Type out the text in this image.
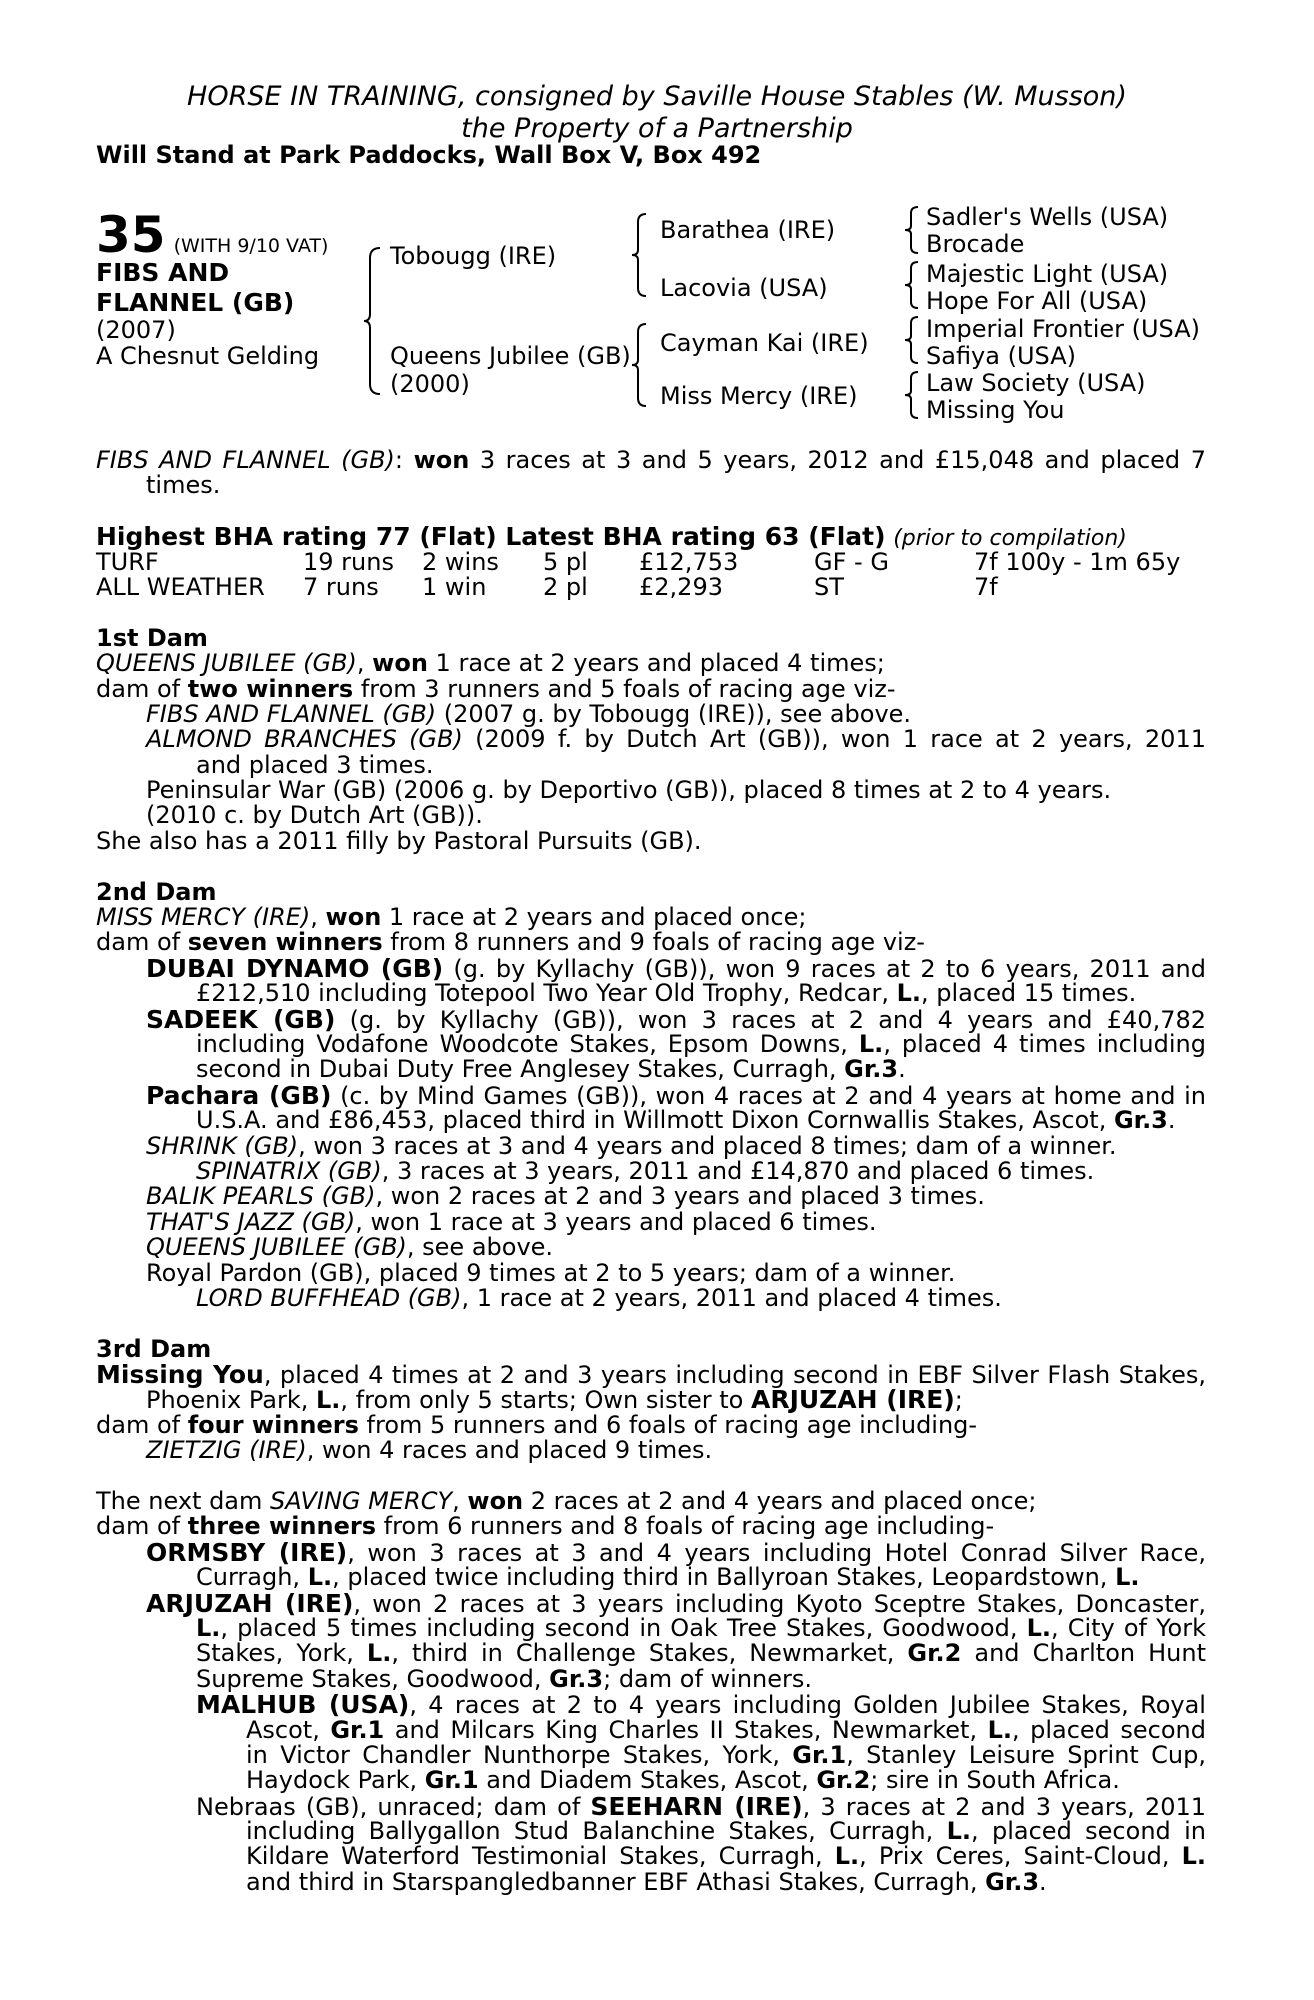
HORSE IN TRAINING, consigned by Saville House Stables (W. Musson)
the Property of a Partnership
Will Stand at Park Paddocks, Wall Box V, Box 492
35 (WITH 9/10 VAT)
FIBS AND
FLANNEL (GB)
(2007)
A Chesnut Gelding
Tobougg (IRE)
Queens Jubilee (GB)
(2000)
Barathea (IRE)
Lacovia (USA)
Cayman Kai (IRE)
Miss Mercy (IRE)
Sadler's Wells (USA)
Brocade
Majestic Light (USA)
Hope For All (USA)
Imperial Frontier (USA)
Safiya (USA)
Law Society (USA)
Missing You
FIBS AND FLANNEL (GB): won 3 races at 3 and 5 years, 2012 and £15,048 and placed 7
times.
Highest BHA rating 77 (Flat) Latest BHA rating 63 (Flat) (prior to compilation)
TURF	19 runs 2 wins 5 pl £12,753	GF - G	7f 100y - 1m 65y
ALL WEATHER 7 runs 1 win 2 pl £2,293	ST	7f
1st Dam
QUEENS JUBILEE (GB), won 1 race at 2 years and placed 4 times;
dam of two winners from 3 runners and 5 foals of racing age viz-
FIBS AND FLANNEL (GB) (2007 g. by Tobougg (IRE)), see above.
ALMOND BRANCHES (GB) (2009 f. by Dutch Art (GB)), won 1 race at 2 years, 2011
and placed 3 times.
Peninsular War (GB) (2006 g. by Deportivo (GB)), placed 8 times at 2 to 4 years.
(2010 c. by Dutch Art (GB)).
She also has a 2011 filly by Pastoral Pursuits (GB).
2nd Dam
MISS MERCY (IRE), won 1 race at 2 years and placed once;
dam of seven winners from 8 runners and 9 foals of racing age viz-
DUBAI DYNAMO (GB) (g. by Kyllachy (GB)), won 9 races at 2 to 6 years, 2011 and
£212,510 including Totepool Two Year Old Trophy, Redcar, L., placed 15 times.
SADEEK (GB) (g. by Kyllachy (GB)), won 3 races at 2 and 4 years and £40,782
including Vodafone Woodcote Stakes, Epsom Downs, L., placed 4 times including
second in Dubai Duty Free Anglesey Stakes, Curragh, Gr.3.
Pachara (GB) (c. by Mind Games (GB)), won 4 races at 2 and 4 years at home and in
U.S.A. and £86,453, placed third in Willmott Dixon Cornwallis Stakes, Ascot, Gr.3.
SHRINK (GB), won 3 races at 3 and 4 years and placed 8 times; dam of a winner.
SPINATRIX (GB), 3 races at 3 years, 2011 and £14,870 and placed 6 times.
BALIK PEARLS (GB), won 2 races at 2 and 3 years and placed 3 times.
THAT'S JAZZ (GB), won 1 race at 3 years and placed 6 times.
QUEENS JUBILEE (GB), see above.
Royal Pardon (GB), placed 9 times at 2 to 5 years; dam of a winner.
LORD BUFFHEAD (GB), 1 race at 2 years, 2011 and placed 4 times.
3rd Dam
Missing You, placed 4 times at 2 and 3 years including second in EBF Silver Flash Stakes,
Phoenix Park, L., from only 5 starts; Own sister to ARJUZAH (IRE);
dam of four winners from 5 runners and 6 foals of racing age including-
ZIETZIG (IRE), won 4 races and placed 9 times.
The next dam SAVING MERCY, won 2 races at 2 and 4 years and placed once;
dam of three winners from 6 runners and 8 foals of racing age including-
ORMSBY (IRE), won 3 races at 3 and 4 years including Hotel Conrad Silver Race,
Curragh, L., placed twice including third in Ballyroan Stakes, Leopardstown, L.
ARJUZAH (IRE), won 2 races at 3 years including Kyoto Sceptre Stakes, Doncaster,
L., placed 5 times including second in Oak Tree Stakes, Goodwood, L., City of York
Stakes, York, L., third in Challenge Stakes, Newmarket, Gr.2 and Charlton Hunt
Supreme Stakes, Goodwood, Gr.3; dam of winners.
MALHUB (USA), 4 races at 2 to 4 years including Golden Jubilee Stakes, Royal
Ascot, Gr.1 and Milcars King Charles II Stakes, Newmarket, L., placed second
in Victor Chandler Nunthorpe Stakes, York, Gr.1, Stanley Leisure Sprint Cup,
Haydock Park, Gr.1 and Diadem Stakes, Ascot, Gr.2; sire in South Africa.
Nebraas (GB), unraced; dam of SEEHARN (IRE), 3 races at 2 and 3 years, 2011
including Ballygallon Stud Balanchine Stakes, Curragh, L., placed second in
Kildare Waterford Testimonial Stakes, Curragh, L., Prix Ceres, Saint-Cloud, L.
and third in Starspangledbanner EBF Athasi Stakes, Curragh, Gr.3.
